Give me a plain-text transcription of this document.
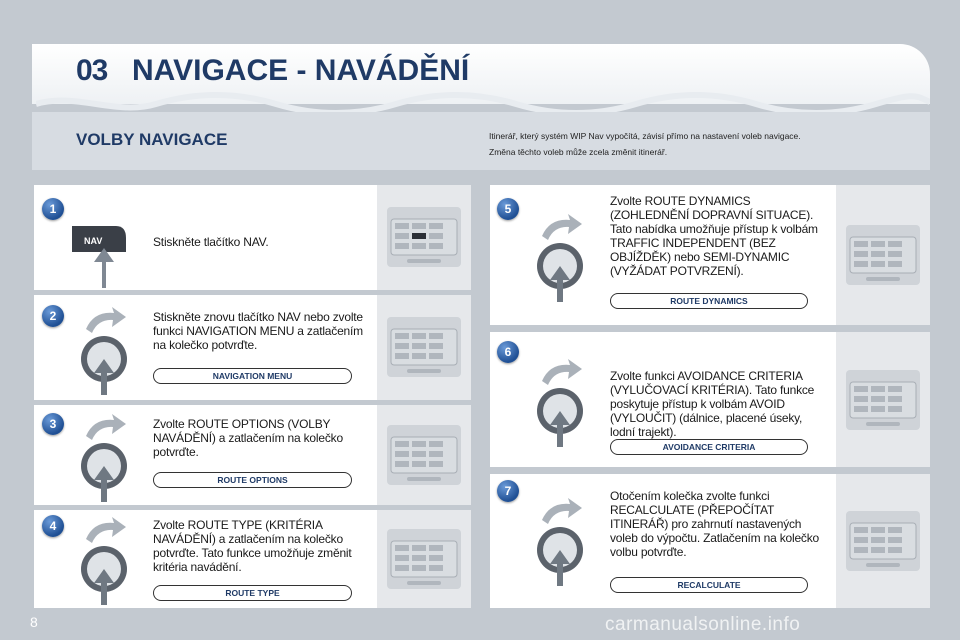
03 NAVIGACE - NAVÁDĚNÍ
VOLBY NAVIGACE	Itinerář, který systém WIP Nav vypočítá, závisí přímo na nastavení voleb navigace.
Změna těchto voleb může zcela změnit itinerář.
1
NAV	Stiskněte tlačítko NAV.
2	Stiskněte znovu tlačítko NAV nebo zvolte funkci NAVIGATION MENU a zatlačením na kolečko potvrďte.
NAVIGATION MENU
3	Zvolte ROUTE OPTIONS (VOLBY NAVÁDĚNÍ) a zatlačením na kolečko potvrďte.
ROUTE OPTIONS
4	Zvolte ROUTE TYPE (KRITÉRIA NAVÁDĚNÍ) a zatlačením na kolečko potvrďte. Tato funkce umožňuje změnit kritéria navádění.
ROUTE TYPE
5
Zvolte ROUTE DYNAMICS (ZOHLEDNĚNÍ DOPRAVNÍ SITUACE). Tato nabídka umožňuje přístup k volbám TRAFFIC INDEPENDENT (BEZ OBJÍŽDĚK) nebo SEMI-DYNAMIC (VYŽÁDAT POTVRZENÍ).
ROUTE DYNAMICS
6
Zvolte funkci AVOIDANCE CRITERIA (VYLUČOVACÍ KRITÉRIA). Tato funkce poskytuje přístup k volbám AVOID (VYLOUČIT) (dálnice, placené úseky, lodní trajekt).
AVOIDANCE CRITERIA
7	Otočením kolečka zvolte funkci RECALCULATE (PŘEPOČÍTAT ITINERÁŘ) pro zahrnutí nastavených voleb do výpočtu. Zatlačením na kolečko volbu potvrďte.
RECALCULATE
8	carmanualsonline.info
